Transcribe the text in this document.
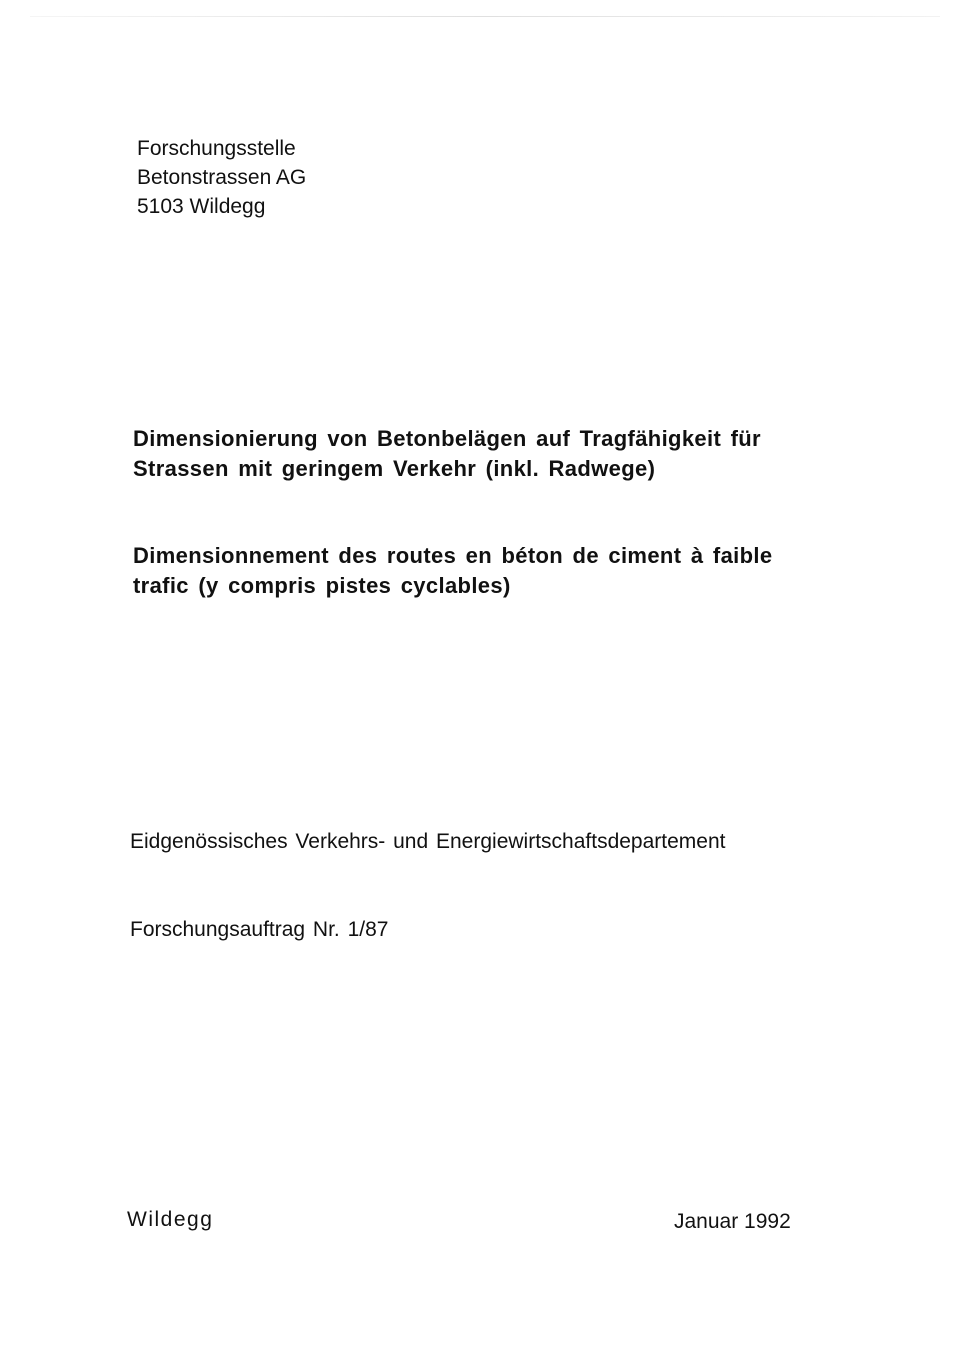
Forschungsstelle
Betonstrassen AG
5103 Wildegg
Dimensionierung von Betonbelägen auf Tragfähigkeit für
Strassen mit geringem Verkehr (inkl. Radwege)
Dimensionnement des routes en béton de ciment à faible
trafic (y compris pistes cyclables)
Eidgenössisches Verkehrs- und Energiewirtschaftsdepartement
Forschungsauftrag Nr. 1/87
Wildegg	Januar 1992
